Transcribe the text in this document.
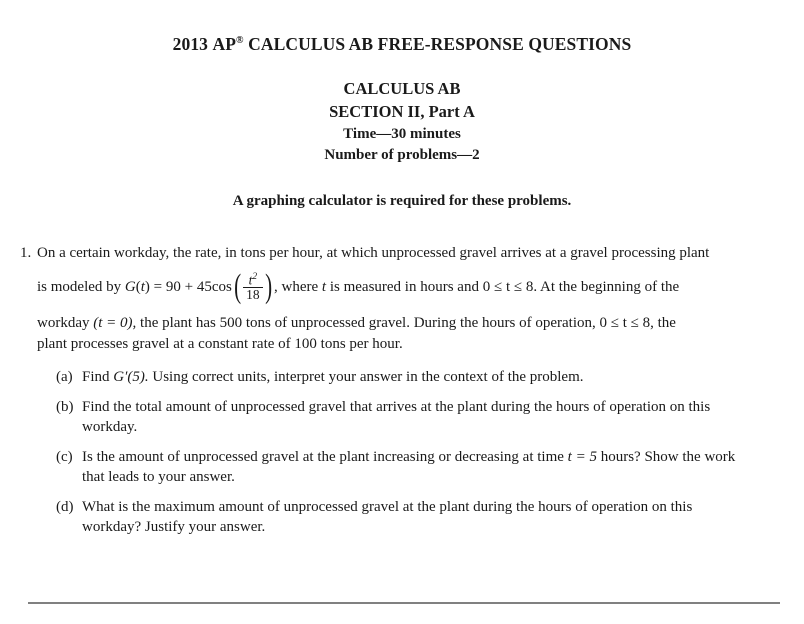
2013 AP® CALCULUS AB FREE-RESPONSE QUESTIONS
CALCULUS AB
SECTION II, Part A
Time—30 minutes
Number of problems—2
A graphing calculator is required for these problems.
1. On a certain workday, the rate, in tons per hour, at which unprocessed gravel arrives at a gravel processing plant

is modeled by
G (t)
= 90 + 45cos ( $\frac{t^2}{18}$ ) , where
t
is measured in hours and 0 ≤ t ≤ 8. At the beginning of the

workday (t = 0), the plant has 500 tons of unprocessed gravel. During the hours of operation, 0 ≤ t ≤ 8, the

plant processes gravel at a constant rate of 100 tons per hour.

(a) Find G′(5). Using correct units, interpret your answer in the context of the problem.
(b) Find the total amount of unprocessed gravel that arrives at the plant during the hours of operation on this workday.
(c) Is the amount of unprocessed gravel at the plant increasing or decreasing at time t = 5 hours? Show the work that leads to your answer.
(d) What is the maximum amount of unprocessed gravel at the plant during the hours of operation on this workday? Justify your answer.
